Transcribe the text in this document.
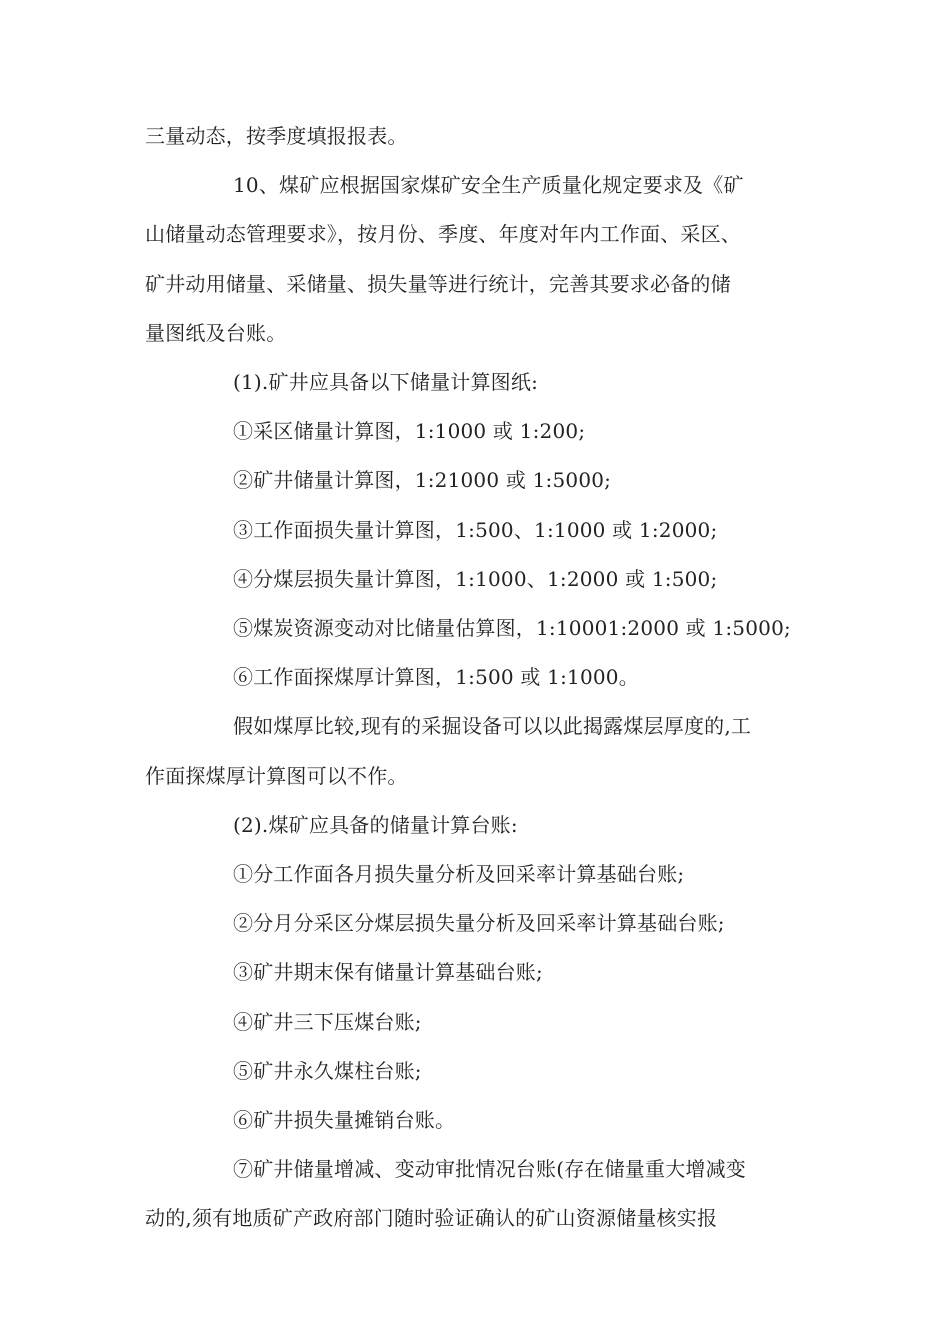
三量动态，按季度填报报表。
10、煤矿应根据国家煤矿安全生产质量化规定要求及《矿
山储量动态管理要求》，按月份、季度、年度对年内工作面、采区、
矿井动用储量、采储量、损失量等进行统计，完善其要求必备的储
量图纸及台账。
(1).矿井应具备以下储量计算图纸:
①采区储量计算图，1:1000 或 1:200;
②矿井储量计算图，1:21000 或 1:5000;
③工作面损失量计算图，1:500、1:1000 或 1:2000;
④分煤层损失量计算图，1:1000、1:2000 或 1:500;
⑤煤炭资源变动对比储量估算图，1:10001:2000 或 1:5000;
⑥工作面探煤厚计算图，1:500 或 1:1000。
假如煤厚比较,现有的采掘设备可以以此揭露煤层厚度的,工
作面探煤厚计算图可以不作。
(2).煤矿应具备的储量计算台账:
①分工作面各月损失量分析及回采率计算基础台账;
②分月分采区分煤层损失量分析及回采率计算基础台账;
③矿井期末保有储量计算基础台账;
④矿井三下压煤台账;
⑤矿井永久煤柱台账;
⑥矿井损失量摊销台账。
⑦矿井储量增减、变动审批情况台账(存在储量重大增减变
动的,须有地质矿产政府部门随时验证确认的矿山资源储量核实报
